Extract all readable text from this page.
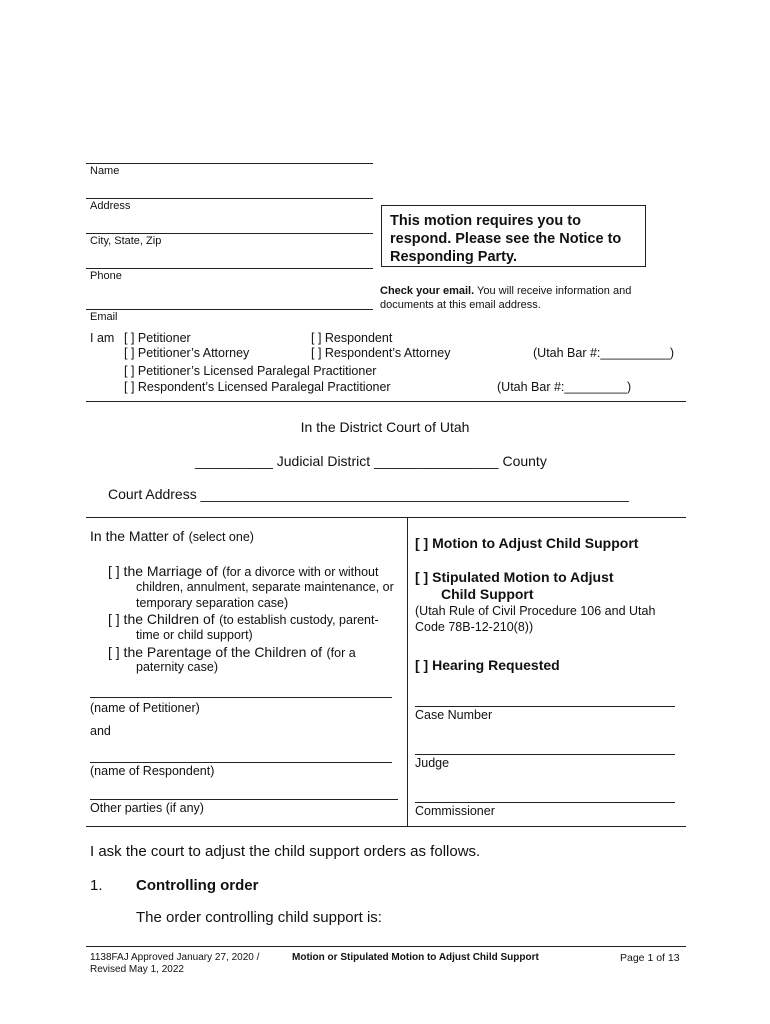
Name
Address
City, State, Zip
Phone
Email
This motion requires you to respond. Please see the Notice to Responding Party.
Check your email. You will receive information and documents at this email address.
I am [ ] Petitioner	[ ] Respondent
[ ] Petitioner’s Attorney	[ ] Respondent’s Attorney	(Utah Bar #:__________)
[ ] Petitioner’s Licensed Paralegal Practitioner
[ ] Respondent’s Licensed Paralegal Practitioner	(Utah Bar #:_________)
In the District Court of Utah
__________ Judicial District ________________ County
Court Address _______________________________________________________
In the Matter of (select one)
[ ] the Marriage of (for a divorce with or without
children, annulment, separate maintenance, or
temporary separation case)
[ ] the Children of (to establish custody, parent-
time or child support)
[ ] the Parentage of the Children of (for a
paternity case)
(name of Petitioner)
and
(name of Respondent)
Other parties (if any)
[ ] Motion to Adjust Child Support
[ ] Stipulated Motion to Adjust
Child Support
(Utah Rule of Civil Procedure 106 and Utah Code 78B-12-210(8))
[ ] Hearing Requested
Case Number
Judge
Commissioner
I ask the court to adjust the child support orders as follows.
1. Controlling order
The order controlling child support is:
1138FAJ Approved January 27, 2020 /
Revised May 1, 2022
Motion or Stipulated Motion to Adjust Child Support	Page 1 of 13
